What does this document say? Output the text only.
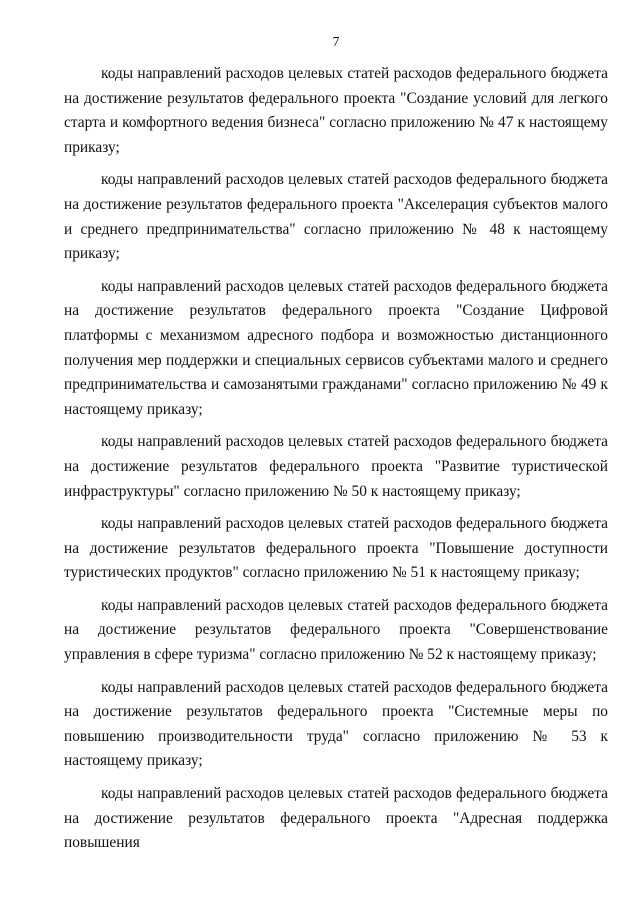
7

коды направлений расходов целевых статей расходов федерального бюджета на достижение результатов федерального проекта "Создание условий для легкого старта и комфортного ведения бизнеса" согласно приложению № 47 к настоящему приказу;

коды направлений расходов целевых статей расходов федерального бюджета на достижение результатов федерального проекта "Акселерация субъектов малого и среднего предпринимательства" согласно приложению № 48 к настоящему приказу;

коды направлений расходов целевых статей расходов федерального бюджета на достижение результатов федерального проекта "Создание Цифровой платформы с механизмом адресного подбора и возможностью дистанционного получения мер поддержки и специальных сервисов субъектами малого и среднего предпринимательства и самозанятыми гражданами" согласно приложению № 49 к настоящему приказу;

коды направлений расходов целевых статей расходов федерального бюджета на достижение результатов федерального проекта "Развитие туристической инфраструктуры" согласно приложению № 50 к настоящему приказу;

коды направлений расходов целевых статей расходов федерального бюджета на достижение результатов федерального проекта "Повышение доступности туристических продуктов" согласно приложению № 51 к настоящему приказу;

коды направлений расходов целевых статей расходов федерального бюджета на достижение результатов федерального проекта "Совершенствование управления в сфере туризма" согласно приложению № 52 к настоящему приказу;

коды направлений расходов целевых статей расходов федерального бюджета на достижение результатов федерального проекта "Системные меры по повышению производительности труда" согласно приложению № 53 к настоящему приказу;

коды направлений расходов целевых статей расходов федерального бюджета на достижение результатов федерального проекта "Адресная поддержка повышения
